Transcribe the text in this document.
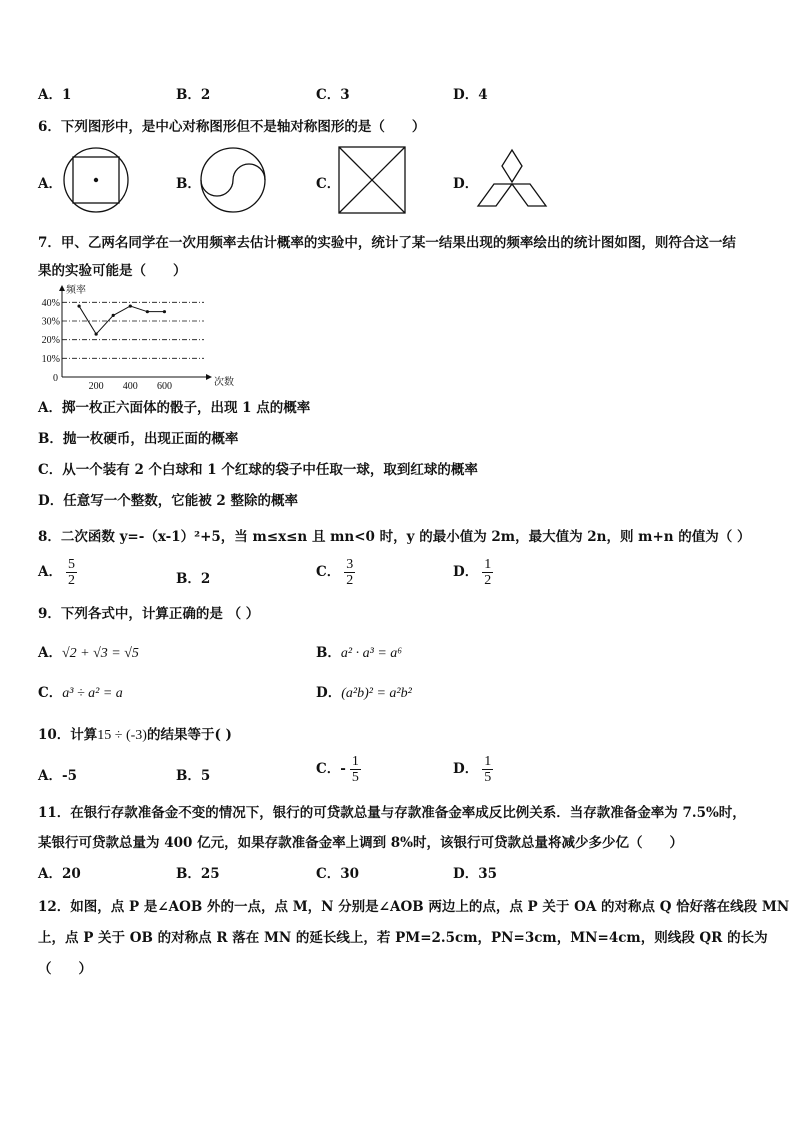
A．1	B．2	C．3	D．4
6．下列图形中，是中心对称图形但不是轴对称图形的是（　　）
A．	B．	C．	D．
7．甲、乙两名同学在一次用频率去估计概率的实验中，统计了某一结果出现的频率绘出的统计图如图，则符合这一结
果的实验可能是（　　）
10%
20%
30%
40%
200 400 600
0
频率
次数
A．掷一枚正六面体的骰子，出现 1 点的概率
B．抛一枚硬币，出现正面的概率
C．从一个装有 2 个白球和 1 个红球的袋子中任取一球，取到红球的概率
D．任意写一个整数，它能被 2 整除的概率
8．二次函数 y=-（x-1）²+5，当 m≤x≤n 且 mn<0 时，y 的最小值为 2m，最大值为 2n，则 m+n 的值为（ ）
A． $\frac{5}{2}$	B．2	C． $\frac{3}{2}$	D． $\frac{1}{2}$
9．下列各式中，计算正确的是 （ ）
A．√2 + √3 = √5	B．a² · a³ = a⁶
C．a³ ÷ a² = a	D．(a²b)² = a²b²
10．计算15 ÷ (-3)的结果等于( )
A．-5	B．5	C．- $\frac{1}{5}$	D． $\frac{1}{5}$
11．在银行存款准备金不变的情况下，银行的可贷款总量与存款准备金率成反比例关系．当存款准备金率为 7.5%时，
某银行可贷款总量为 400 亿元，如果存款准备金率上调到 8%时，该银行可贷款总量将减少多少亿（　　）
A．20	B．25	C．30	D．35
12．如图，点 P 是∠AOB 外的一点，点 M，N 分别是∠AOB 两边上的点，点 P 关于 OA 的对称点 Q 恰好落在线段 MN
上，点 P 关于 OB 的对称点 R 落在 MN 的延长线上，若 PM=2.5cm，PN=3cm，MN=4cm，则线段 QR 的长为
（　　）
